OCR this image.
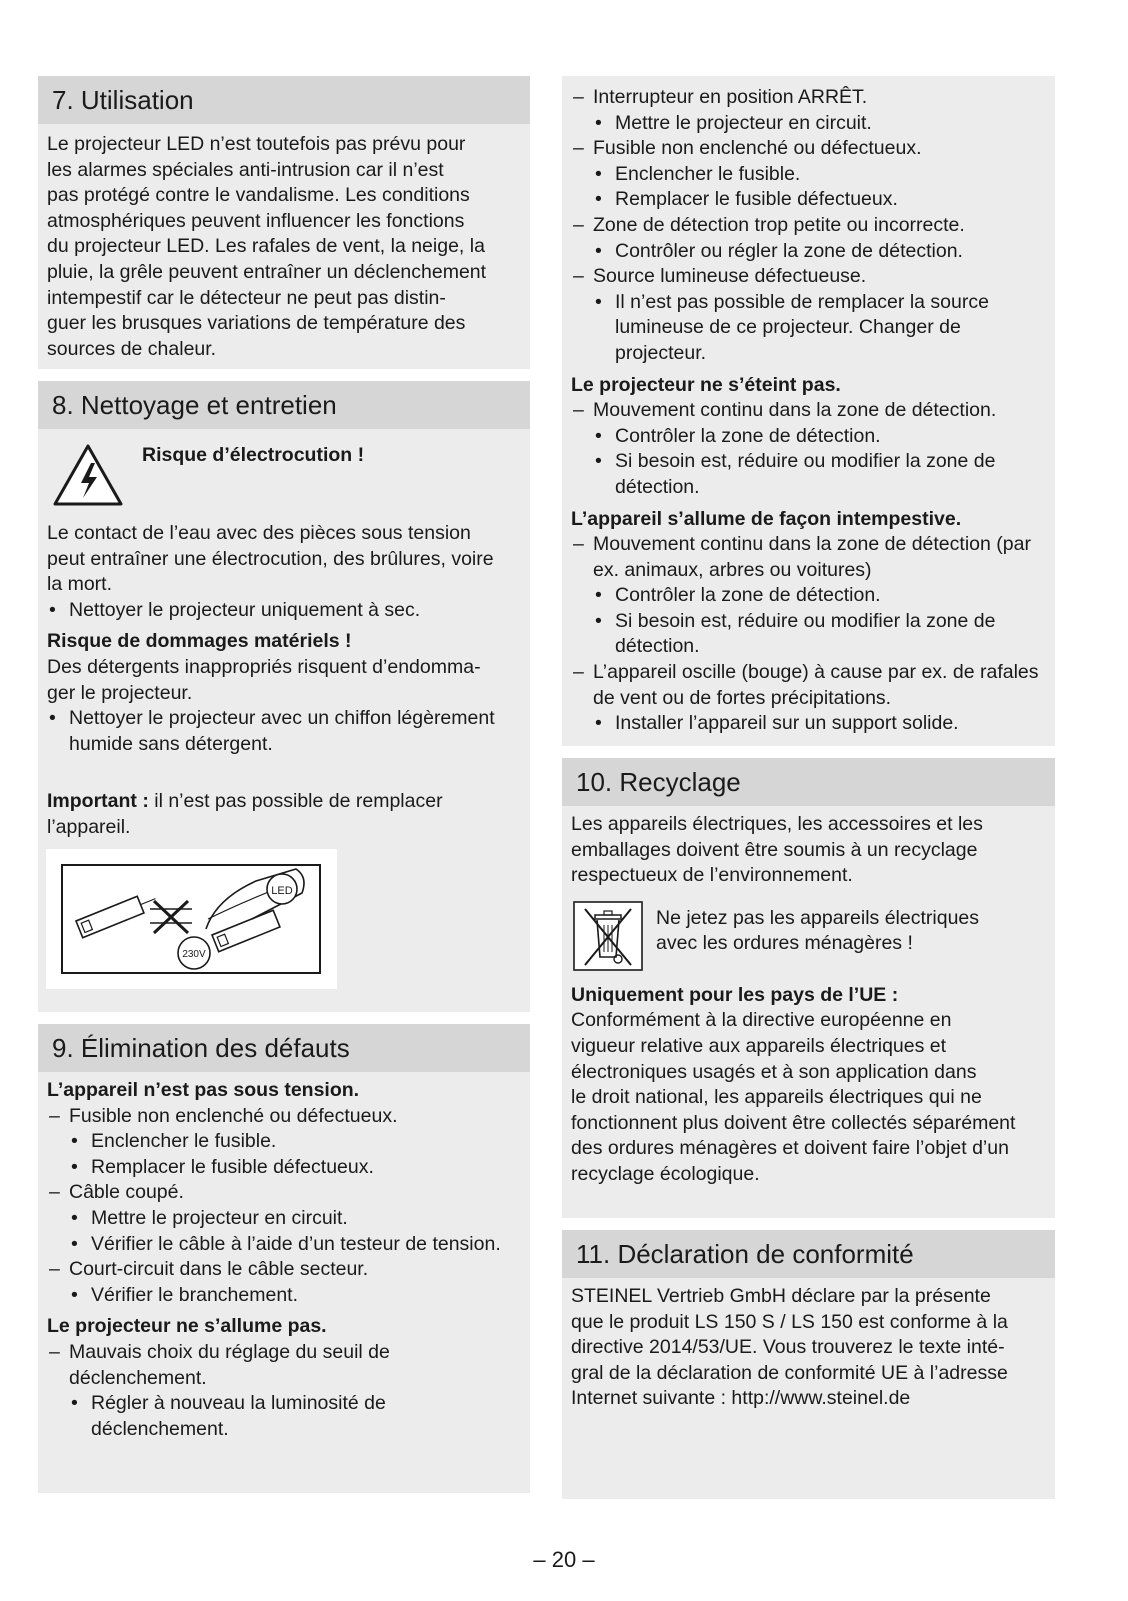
7. Utilisation
Le projecteur LED n’est toutefois pas prévu pour
les alarmes spéciales anti-intrusion car il n’est
pas protégé contre le vandalisme. Les conditions
atmosphériques peuvent influencer les fonctions
du projecteur LED. Les rafales de vent, la neige, la
pluie, la grêle peuvent entraîner un déclenchement
intempestif car le détecteur ne peut pas distin-
guer les brusques variations de température des
sources de chaleur.
8. Nettoyage et entretien
Risque d’électrocution !
Le contact de l’eau avec des pièces sous tension
peut entraîner une électrocution, des brûlures, voire
la mort.
• Nettoyer le projecteur uniquement à sec.
Risque de dommages matériels !
Des détergents inappropriés risquent d’endomma-
ger le projecteur.
• Nettoyer le projecteur avec un chiffon légèrement humide sans détergent.
Important : il n’est pas possible de remplacer l’appareil.
LED
230V
9. Élimination des défauts
L’appareil n’est pas sous tension.
– Fusible non enclenché ou défectueux.
• Enclencher le fusible.
• Remplacer le fusible défectueux.
– Câble coupé.
• Mettre le projecteur en circuit.
• Vérifier le câble à l’aide d’un testeur de tension.
– Court-circuit dans le câble secteur.
• Vérifier le branchement.
Le projecteur ne s’allume pas.
– Mauvais choix du réglage du seuil de déclenchement.
• Régler à nouveau la luminosité de déclenchement.
– Interrupteur en position ARRÊT.
• Mettre le projecteur en circuit.
– Fusible non enclenché ou défectueux.
• Enclencher le fusible.
• Remplacer le fusible défectueux.
– Zone de détection trop petite ou incorrecte.
• Contrôler ou régler la zone de détection.
– Source lumineuse défectueuse.
• Il n’est pas possible de remplacer la source lumineuse de ce projecteur. Changer de projecteur.
Le projecteur ne s’éteint pas.
– Mouvement continu dans la zone de détection.
• Contrôler la zone de détection.
• Si besoin est, réduire ou modifier la zone de détection.
L’appareil s’allume de façon intempestive.
– Mouvement continu dans la zone de détection (par ex. animaux, arbres ou voitures)
• Contrôler la zone de détection.
• Si besoin est, réduire ou modifier la zone de détection.
– L’appareil oscille (bouge) à cause par ex. de rafales de vent ou de fortes précipitations.
• Installer l’appareil sur un support solide.
10. Recyclage
Les appareils électriques, les accessoires et les
emballages doivent être soumis à un recyclage
respectueux de l’environnement.
Ne jetez pas les appareils électriques
avec les ordures ménagères !
Uniquement pour les pays de l’UE :
Conformément à la directive européenne en
vigueur relative aux appareils électriques et
électroniques usagés et à son application dans
le droit national, les appareils électriques qui ne
fonctionnent plus doivent être collectés séparément
des ordures ménagères et doivent faire l’objet d’un
recyclage écologique.
11. Déclaration de conformité
STEINEL Vertrieb GmbH déclare par la présente
que le produit LS 150 S / LS 150 est conforme à la
directive 2014/53/UE. Vous trouverez le texte inté-
gral de la déclaration de conformité UE à l’adresse
Internet suivante : http://www.steinel.de
– 20 –
